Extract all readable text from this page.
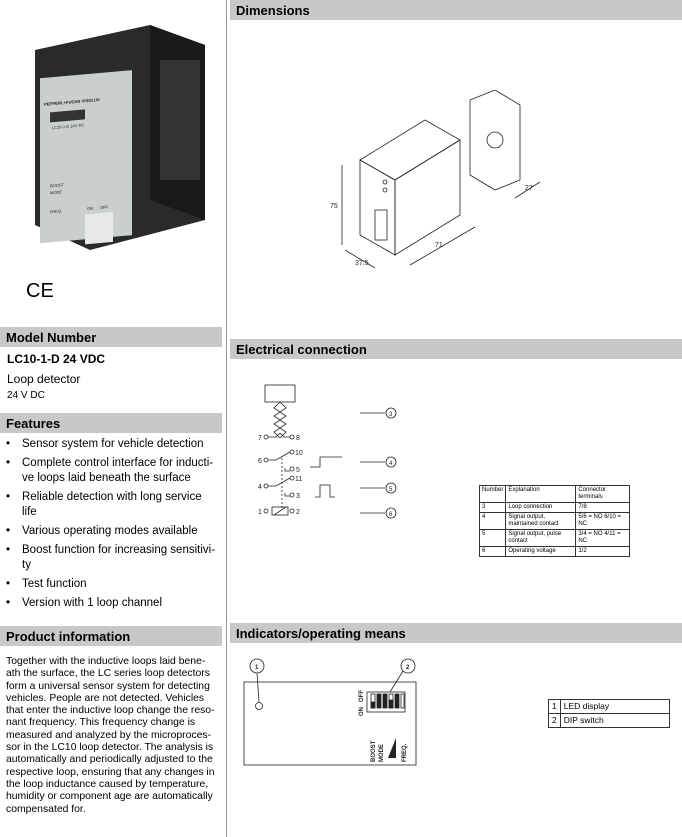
PEPPERL+FUCHS VISOLUX
LC10-1-D 24V DC
BOOST
MODE
FREQ.	ON OFF
CE
Model Number
LC10-1-D 24 VDC
Loop detector
24 V DC
Features
• Sensor system for vehicle detection
• Complete control interface for inducti-
ve loops laid beneath the surface
• Reliable detection with long service
life
• Various operating modes available
• Boost function for increasing sensitivi-
ty
• Test function
• Version with 1 loop channel
Product information
Together with the inductive loops laid bene-
ath the surface, the LC series loop detectors
form a universal sensor system for detecting
vehicles. People are not detected. Vehicles
that enter the inductive loop change the reso-
nant frequency. This frequency change is
measured and analyzed by the microproces-
sor in the LC10 loop detector. The analysis is
automatically and periodically adjusted to the
respective loop, ensuring that any changes in
the loop inductance caused by temperature,
humidity or component age are automatically
compensated for.
Dimensions
75
37.5
71
27
Electrical connection
7	8
6
10
5
4
11
3
1	2
3
4
5
6
Number	Explanation	Connector terminals
3	Loop connection	7/8
4	Signal output, maintained contact	5/6 = NO 6/10 = NC
5	Signal output, pulse contact	3/4 = NO 4/11 = NC
6	Operating voltage	1/2
Indicators/operating means
ON
OFF
BOOST MODE	FREQ.
1	2
1	LED display
2	DIP switch
